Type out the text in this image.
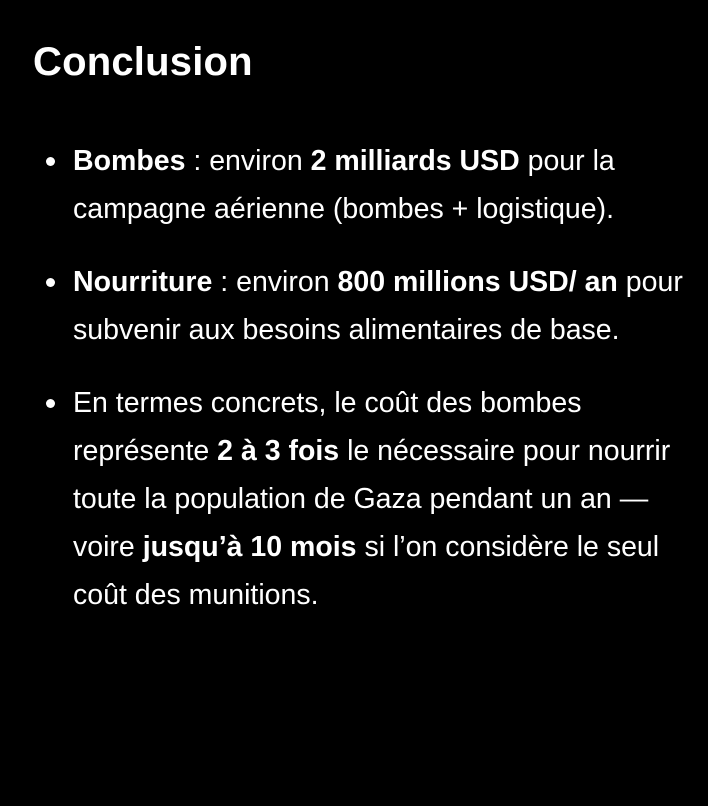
Conclusion
Bombes : environ 2 milliards USD pour la campagne aérienne (bombes + logistique).
Nourriture : environ 800 millions USD/ an pour subvenir aux besoins alimentaires de base.
En termes concrets, le coût des bombes représente 2 à 3 fois le nécessaire pour nourrir toute la population de Gaza pendant un an — voire jusqu’à 10 mois si l’on considère le seul coût des munitions.
